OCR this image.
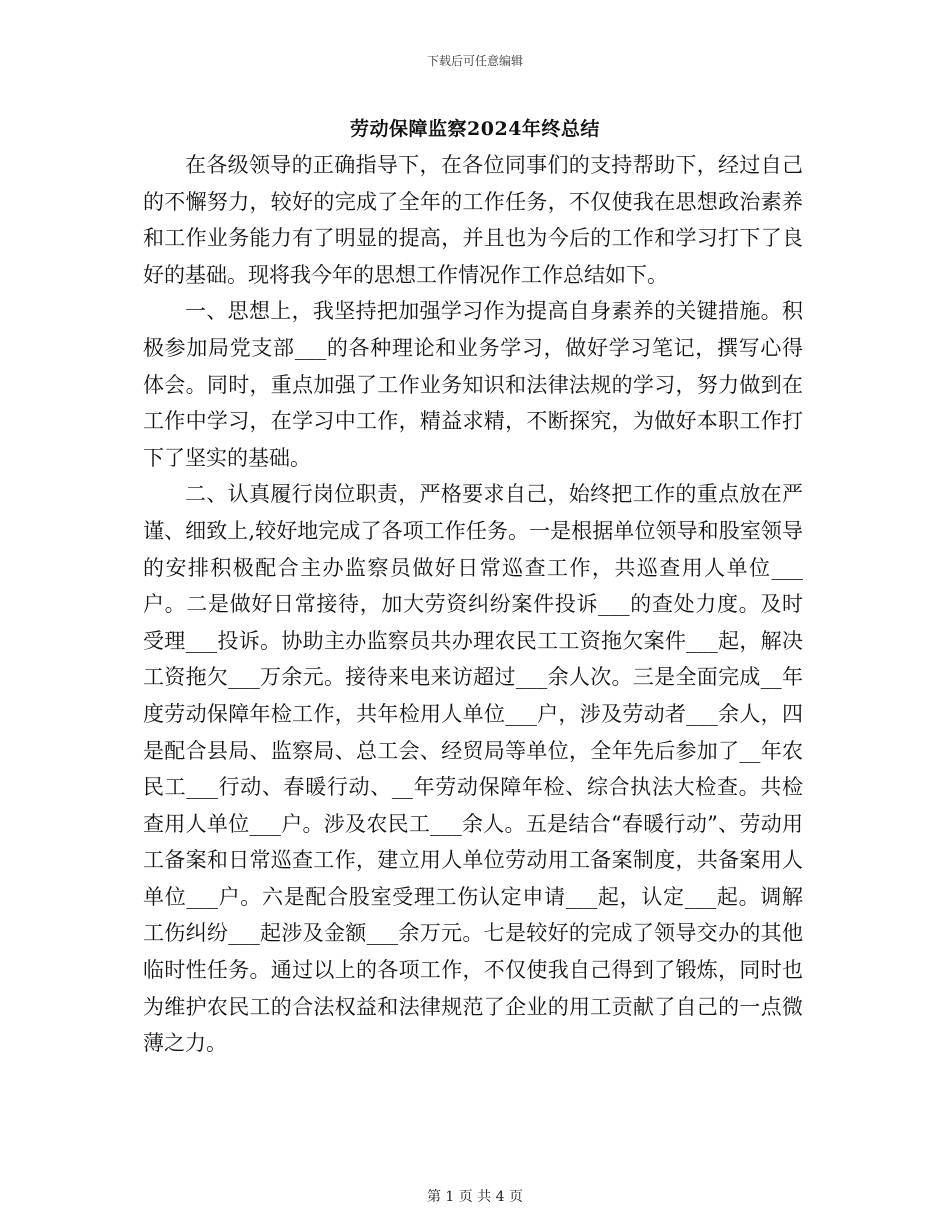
下载后可任意编辑
劳动保障监察2024年终总结

在各级领导的正确指导下，在各位同事们的支持帮助下，经过自己的不懈努力，较好的完成了全年的工作任务，不仅使我在思想政治素养和工作业务能力有了明显的提高，并且也为今后的工作和学习打下了良好的基础。现将我今年的思想工作情况作工作总结如下。

一、思想上，我坚持把加强学习作为提高自身素养的关键措施。积极参加局党支部___的各种理论和业务学习，做好学习笔记，撰写心得体会。同时，重点加强了工作业务知识和法律法规的学习，努力做到在工作中学习，在学习中工作，精益求精，不断探究，为做好本职工作打下了坚实的基础。

二、认真履行岗位职责，严格要求自己，始终把工作的重点放在严谨、细致上,较好地完成了各项工作任务。一是根据单位领导和股室领导的安排积极配合主办监察员做好日常巡查工作，共巡查用人单位___户。二是做好日常接待，加大劳资纠纷案件投诉___的查处力度。及时受理___投诉。协助主办监察员共办理农民工工资拖欠案件___起，解决工资拖欠___万余元。接待来电来访超过___余人次。三是全面完成__年度劳动保障年检工作，共年检用人单位___户，涉及劳动者___余人，四是配合县局、监察局、总工会、经贸局等单位，全年先后参加了__年农民工___行动、春暖行动、__年劳动保障年检、综合执法大检查。共检查用人单位___户。涉及农民工___余人。五是结合“春暖行动”、劳动用工备案和日常巡查工作，建立用人单位劳动用工备案制度，共备案用人单位___户。六是配合股室受理工伤认定申请___起，认定___起。调解工伤纠纷___起涉及金额___余万元。七是较好的完成了领导交办的其他临时性任务。通过以上的各项工作，不仅使我自己得到了锻炼，同时也为维护农民工的合法权益和法律规范了企业的用工贡献了自己的一点微薄之力。

第 1 页 共 4 页
